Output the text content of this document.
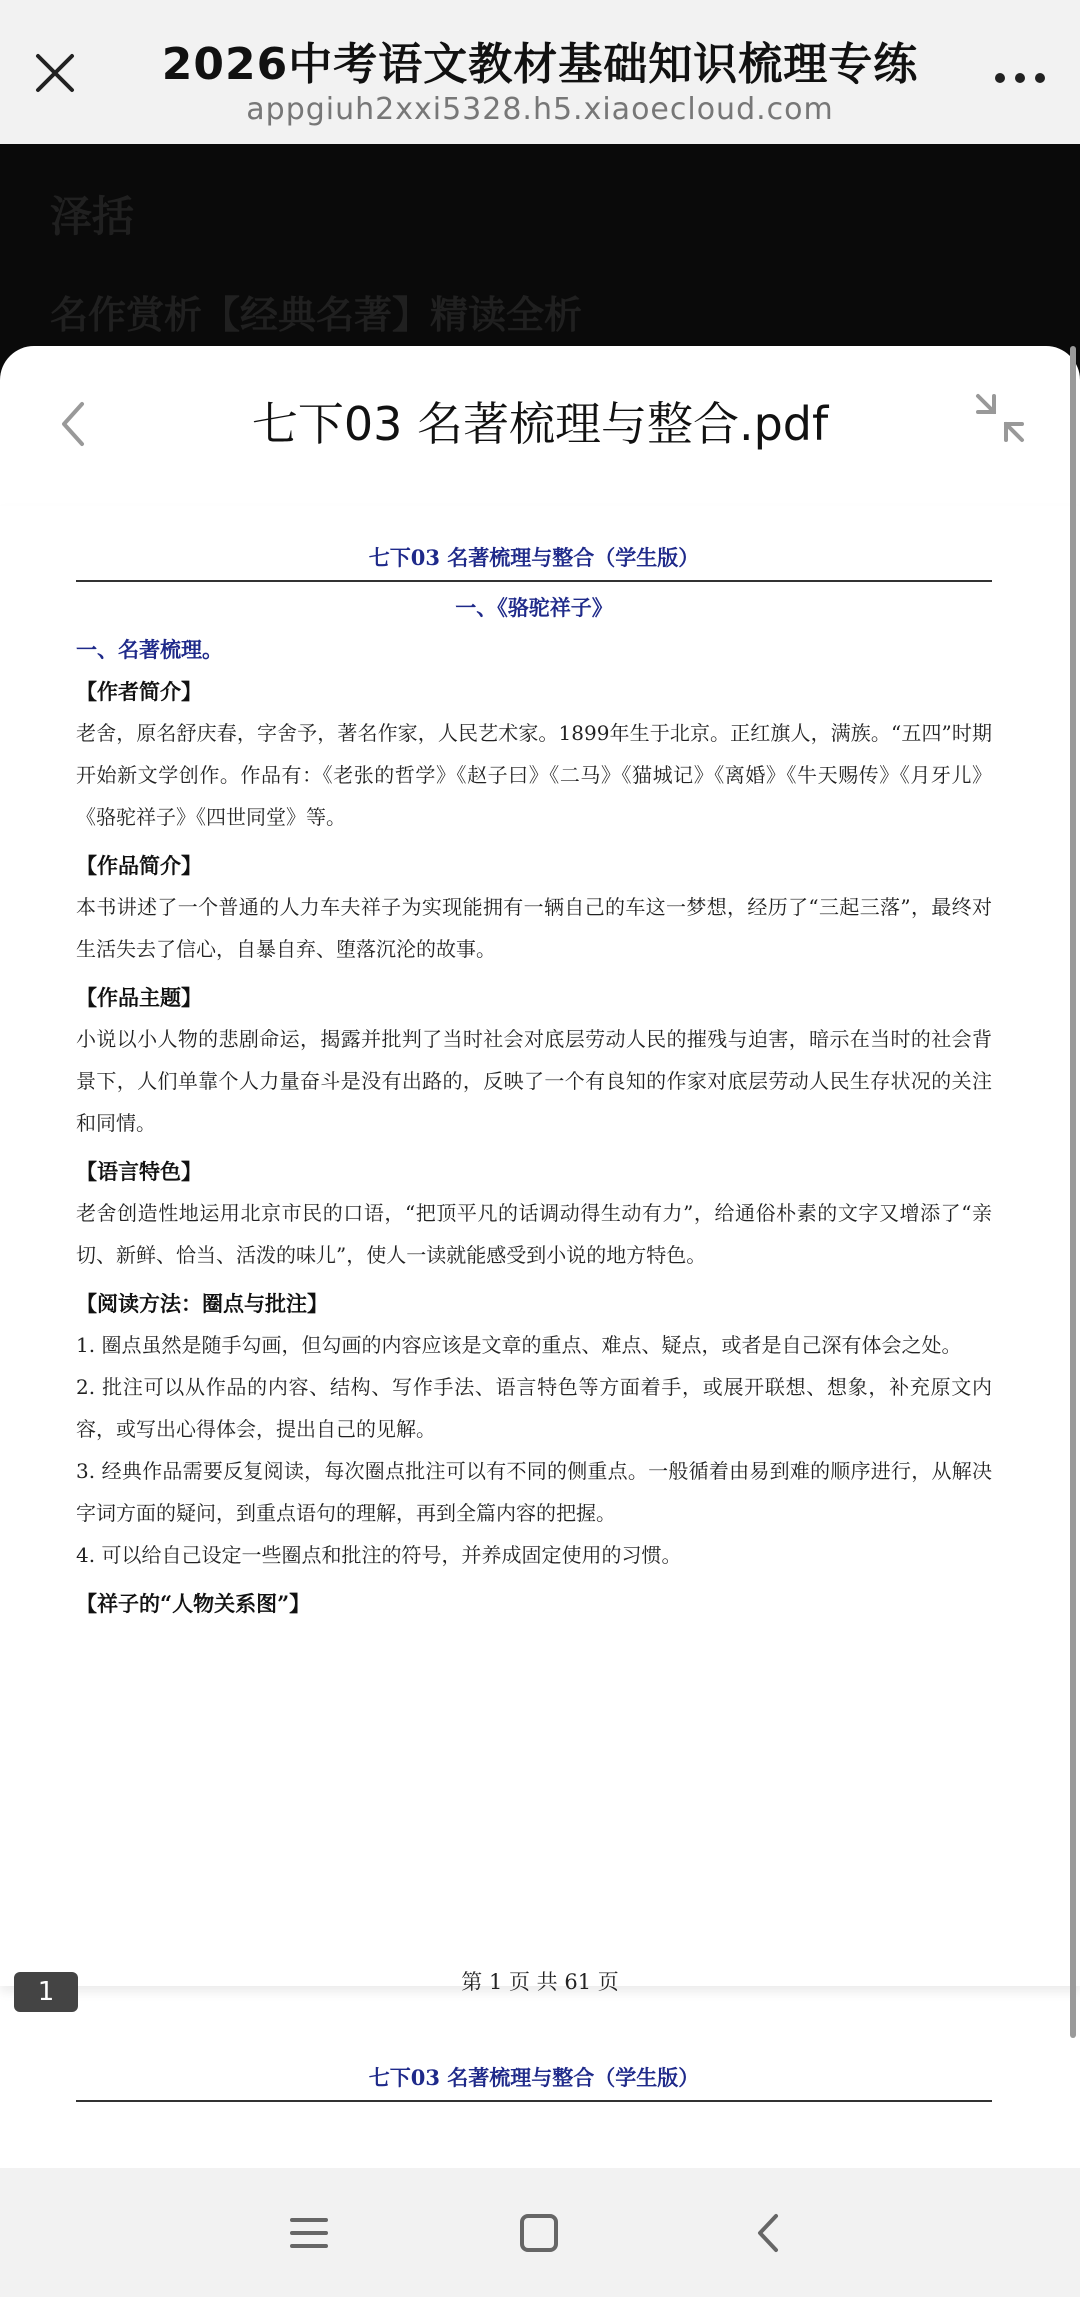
2026中考语文教材基础知识梳理专练
appgiuh2xxi5328.h5.xiaoecloud.com
泽括
名作赏析【经典名著】精读全析
七下03 名著梳理与整合.pdf
七下03 名著梳理与整合（学生版）
一、《骆驼祥子》
一、名著梳理。
【作者简介】

老舍，原名舒庆春，字舍予，著名作家，人民艺术家。1899年生于北京。正红旗人，满族。“五四”时期开始新文学创作。作品有：《老张的哲学》《赵子曰》《二马》《猫城记》《离婚》《牛天赐传》《月牙儿》《骆驼祥子》《四世同堂》等。

【作品简介】

本书讲述了一个普通的人力车夫祥子为实现能拥有一辆自己的车这一梦想，经历了“三起三落”，最终对生活失去了信心，自暴自弃、堕落沉沦的故事。

【作品主题】

小说以小人物的悲剧命运，揭露并批判了当时社会对底层劳动人民的摧残与迫害，暗示在当时的社会背景下，人们单靠个人力量奋斗是没有出路的，反映了一个有良知的作家对底层劳动人民生存状况的关注和同情。

【语言特色】

老舍创造性地运用北京市民的口语，“把顶平凡的话调动得生动有力”，给通俗朴素的文字又增添了“亲切、新鲜、恰当、活泼的味儿”，使人一读就能感受到小说的地方特色。

【阅读方法：圈点与批注】

1. 圈点虽然是随手勾画，但勾画的内容应该是文章的重点、难点、疑点，或者是自己深有体会之处。

2. 批注可以从作品的内容、结构、写作手法、语言特色等方面着手，或展开联想、想象，补充原文内容，或写出心得体会，提出自己的见解。

3. 经典作品需要反复阅读，每次圈点批注可以有不同的侧重点。一般循着由易到难的顺序进行，从解决字词方面的疑问，到重点语句的理解，再到全篇内容的把握。

4. 可以给自己设定一些圈点和批注的符号，并养成固定使用的习惯。

【祥子的“人物关系图”】
第 1 页 共 61 页
1
七下03 名著梳理与整合（学生版）
